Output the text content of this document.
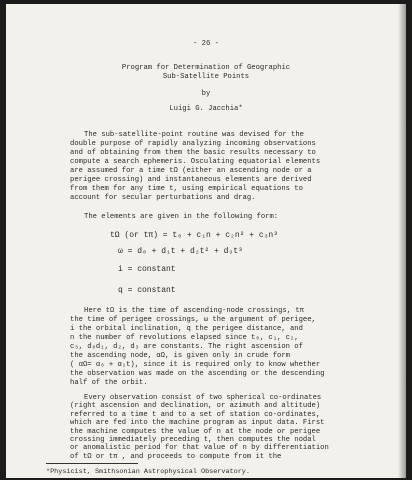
- 26 -
Program for Determination of Geographic
Sub-Satellite Points
by
Luigi G. Jacchia*
The sub-satellite-point routine was devised for the
double purpose of rapidly analyzing incoming observations
and of obtaining from them the basic results necessary to
compute a search ephemeris. Osculating equatorial elements
are assumed for a time tΩ (either an ascending node or a
perigee crossing) and instantaneous elements are derived
from them for any time t, using empirical equations to
account for secular perturbations and drag.
The elements are given in the following form:
tΩ (or tπ) = t₀ + c₁n + c₂n² + c₃n³
ω = d₀ + d₁t + d₂t² + d₃t³
i = constant
q = constant
Here tΩ is the time of ascending-node crossings, tπ
the time of perigee crossings, ω the argument of perigee,
i the orbital inclination, q the perigee distance, and
n the number of revolutions elapsed since t₀, c₁, c₂,
c₃, d₀d₁, d₂, d₃ are constants. The right ascension of
the ascending node, αΩ, is given only in crude form
( αΩ= α₀ + α₁t), since it is required only to know whether
the observation was made on the ascending or the descending
half of the orbit.
Every observation consist of two spherical co-ordinates
(right ascension and declination, or azimuth and altitude)
referred to a time t and to a set of station co-ordinates,
which are fed into the machine program as input data. First
the machine computes the value of n at the node or perigee
crossing immediately preceding t, then computes the nodal
or anomalistic period for that value of n by differentiation
of tΩ or tπ , and proceeds to compute from it the
*Physicist, Smithsonian Astrophysical Observatory.
